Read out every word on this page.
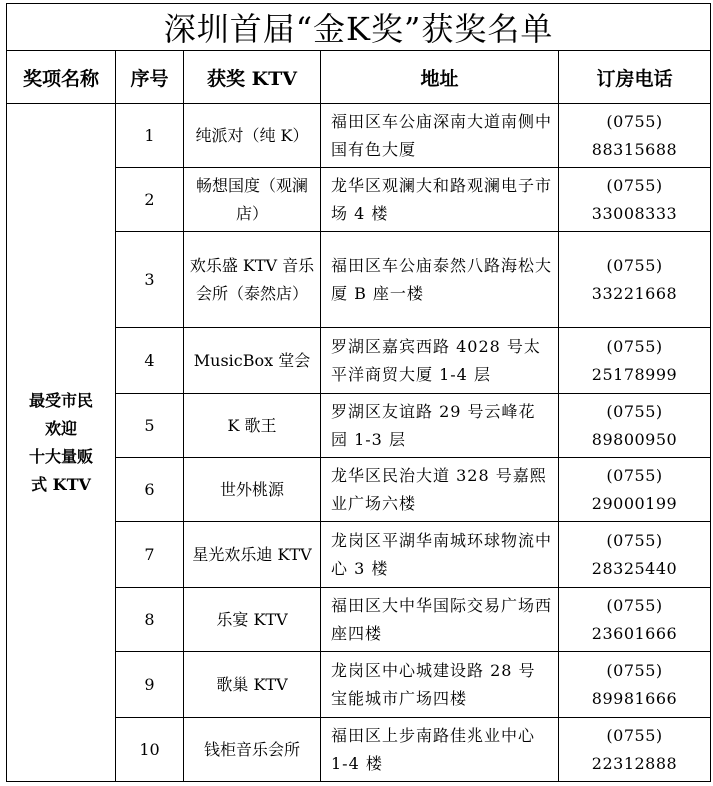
深圳首届“金K奖”获奖名单				
奖项名称	序号	获奖 KTV	地址	订房电话

最受市民
欢迎
十大量贩
式 KTV	1	纯派对（纯 K）	福田区车公庙深南大道南侧中国有色大厦	(0755) 88315688
	2	畅想国度（观澜店）	龙华区观澜大和路观澜电子市场 4 楼	(0755) 33008333
	3	欢乐盛 KTV 音乐会所（泰然店）	福田区车公庙泰然八路海松大厦 B 座一楼	(0755) 33221668
	4	MusicBox 堂会	罗湖区嘉宾西路 4028 号太平洋商贸大厦 1-4 层	(0755) 25178999
	5	K 歌王	罗湖区友谊路 29 号云峰花园 1-3 层	(0755) 89800950
	6	世外桃源	龙华区民治大道 328 号嘉熙业广场六楼	(0755) 29000199
	7	星光欢乐迪 KTV	龙岗区平湖华南城环球物流中心 3 楼	(0755) 28325440
	8	乐宴 KTV	福田区大中华国际交易广场西座四楼	(0755) 23601666
	9	歌巢 KTV	龙岗区中心城建设路 28 号宝能城市广场四楼	(0755) 89981666
	10	钱柜音乐会所	福田区上步南路佳兆业中心 1-4 楼	(0755) 22312888
